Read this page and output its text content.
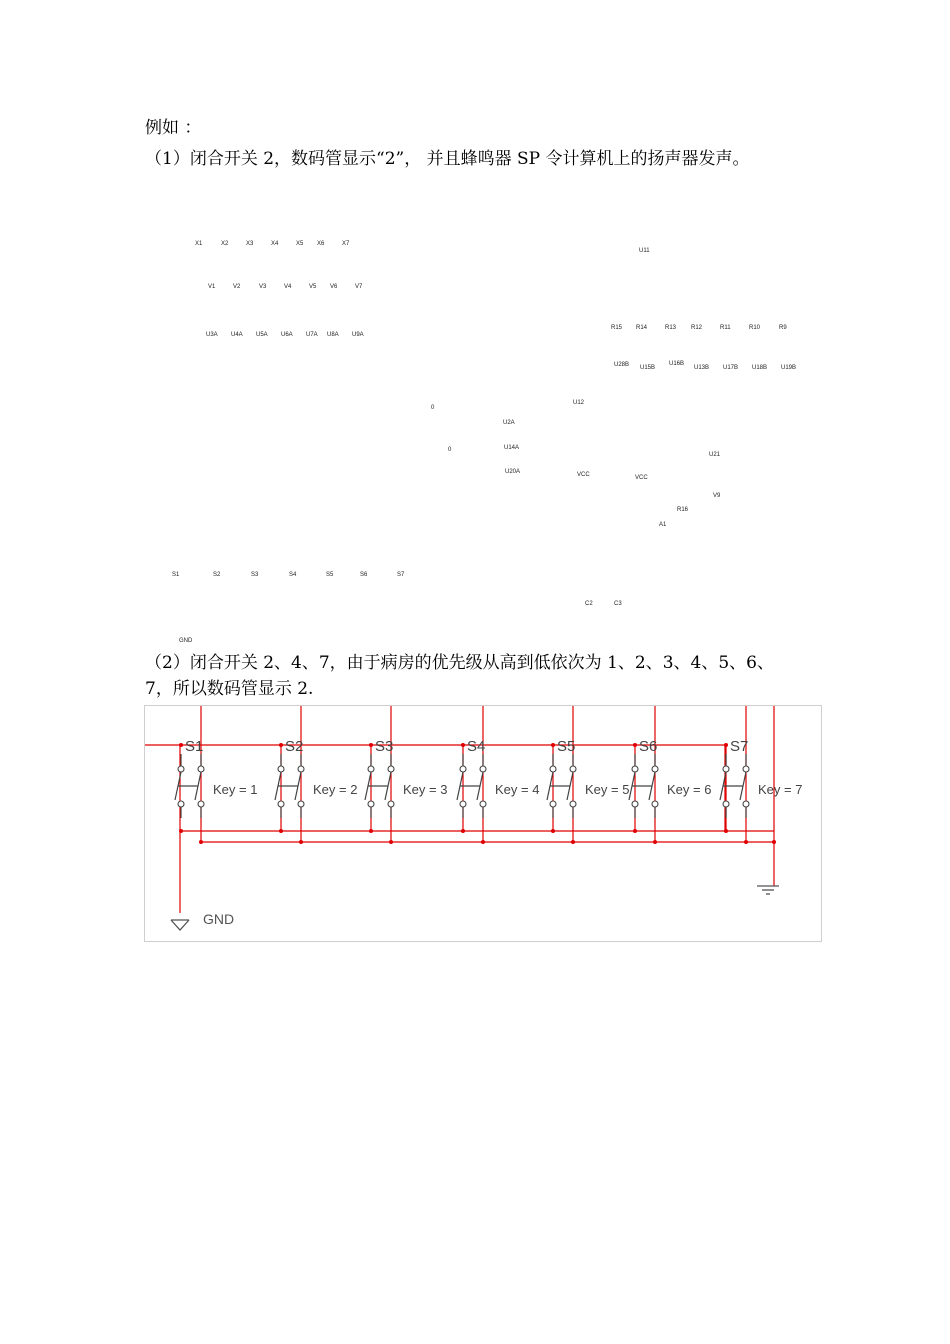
例如 ：
（1）闭合开关 2，数码管显示“2”， 并且蜂鸣器 SP 令计算机上的扬声器发声。
X1	X2	X3	X4	X5 X6	X7
V1	V2	V3	V4	V5 V6	V7
U3A U4A U5A U6A U7A U8A U9A
U11
R15 R14	R13 R12	R11	R10	R9
U28B U15B
U16B
U13B U17B U18B U19B
U12
0
U2A
0	U14A
U21
U20A	VCC	VCC
V9
R16
A1
S1	S2	S3	S4	S5	S6	S7
C2	C3
GND
（2）闭合开关 2、4、7，由于病房的优先级从高到低依次为 1、2、3、4、5、6、
7，所以数码管显示 2.
Key = 1
S1
Key = 2
S2
Key = 3
S3
Key = 4
S4
Key = 5
S5
Key = 6
S6
Key = 7
S7
GND
